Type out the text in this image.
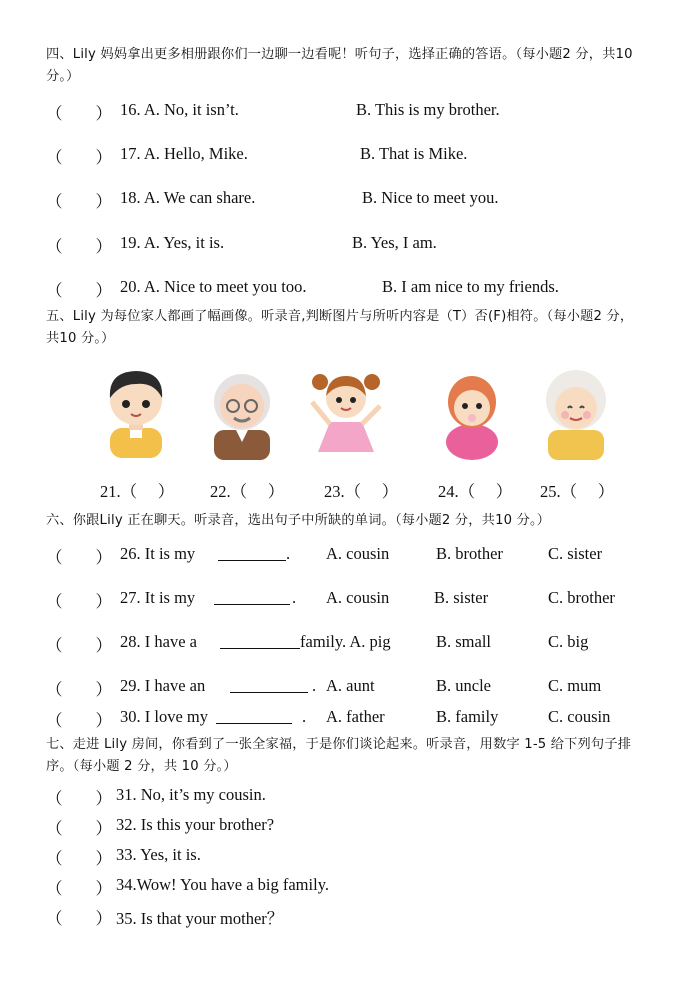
四、Lily 妈妈拿出更多相册跟你们一边聊一边看呢！听句子，选择正确的答语。（每小题2 分，共10 分。）
（　　） 16. A. No, it isn’t.	B. This is my brother.
（　　） 17. A. Hello, Mike.	B. That is Mike.
（　　） 18. A. We can share.	B. Nice to meet you.
（　　） 19. A. Yes, it is.	B. Yes, I am.
（　　） 20. A. Nice to meet you too.	B. I am nice to my friends.
五、Lily 为每位家人都画了幅画像。听录音,判断图片与所听内容是（T）否(F)相符。（每小题2 分，共10 分。）
21.（　 ） 22.（　 ） 23.（　 ） 24.（　 ） 25.（　 ）
六、你跟Lily 正在聊天。听录音，选出句子中所缺的单词。（每小题2 分，共10 分。）
（　　） 26. It is my	. A. cousin	B. brother	C. sister
（　　） 27. It is my	. A. cousin	B. sister	C. brother
（　　） 28. I have a	family. A. pig	B. small	C. big
（　　） 29. I have an	. A. aunt	B. uncle	C. mum
（　　） 30. I love my	. A. father	B. family	C. cousin
七、走进 Lily 房间，你看到了一张全家福，于是你们谈论起来。听录音，用数字 1-5 给下列句子排序。（每小题 2 分，共 10 分。）
（　　） 31. No, it’s my cousin.
（　　） 32. Is this your brother?
（　　） 33. Yes, it is.
（　　） 34.Wow! You have a big family.
（　　） 35. Is that your mother？
